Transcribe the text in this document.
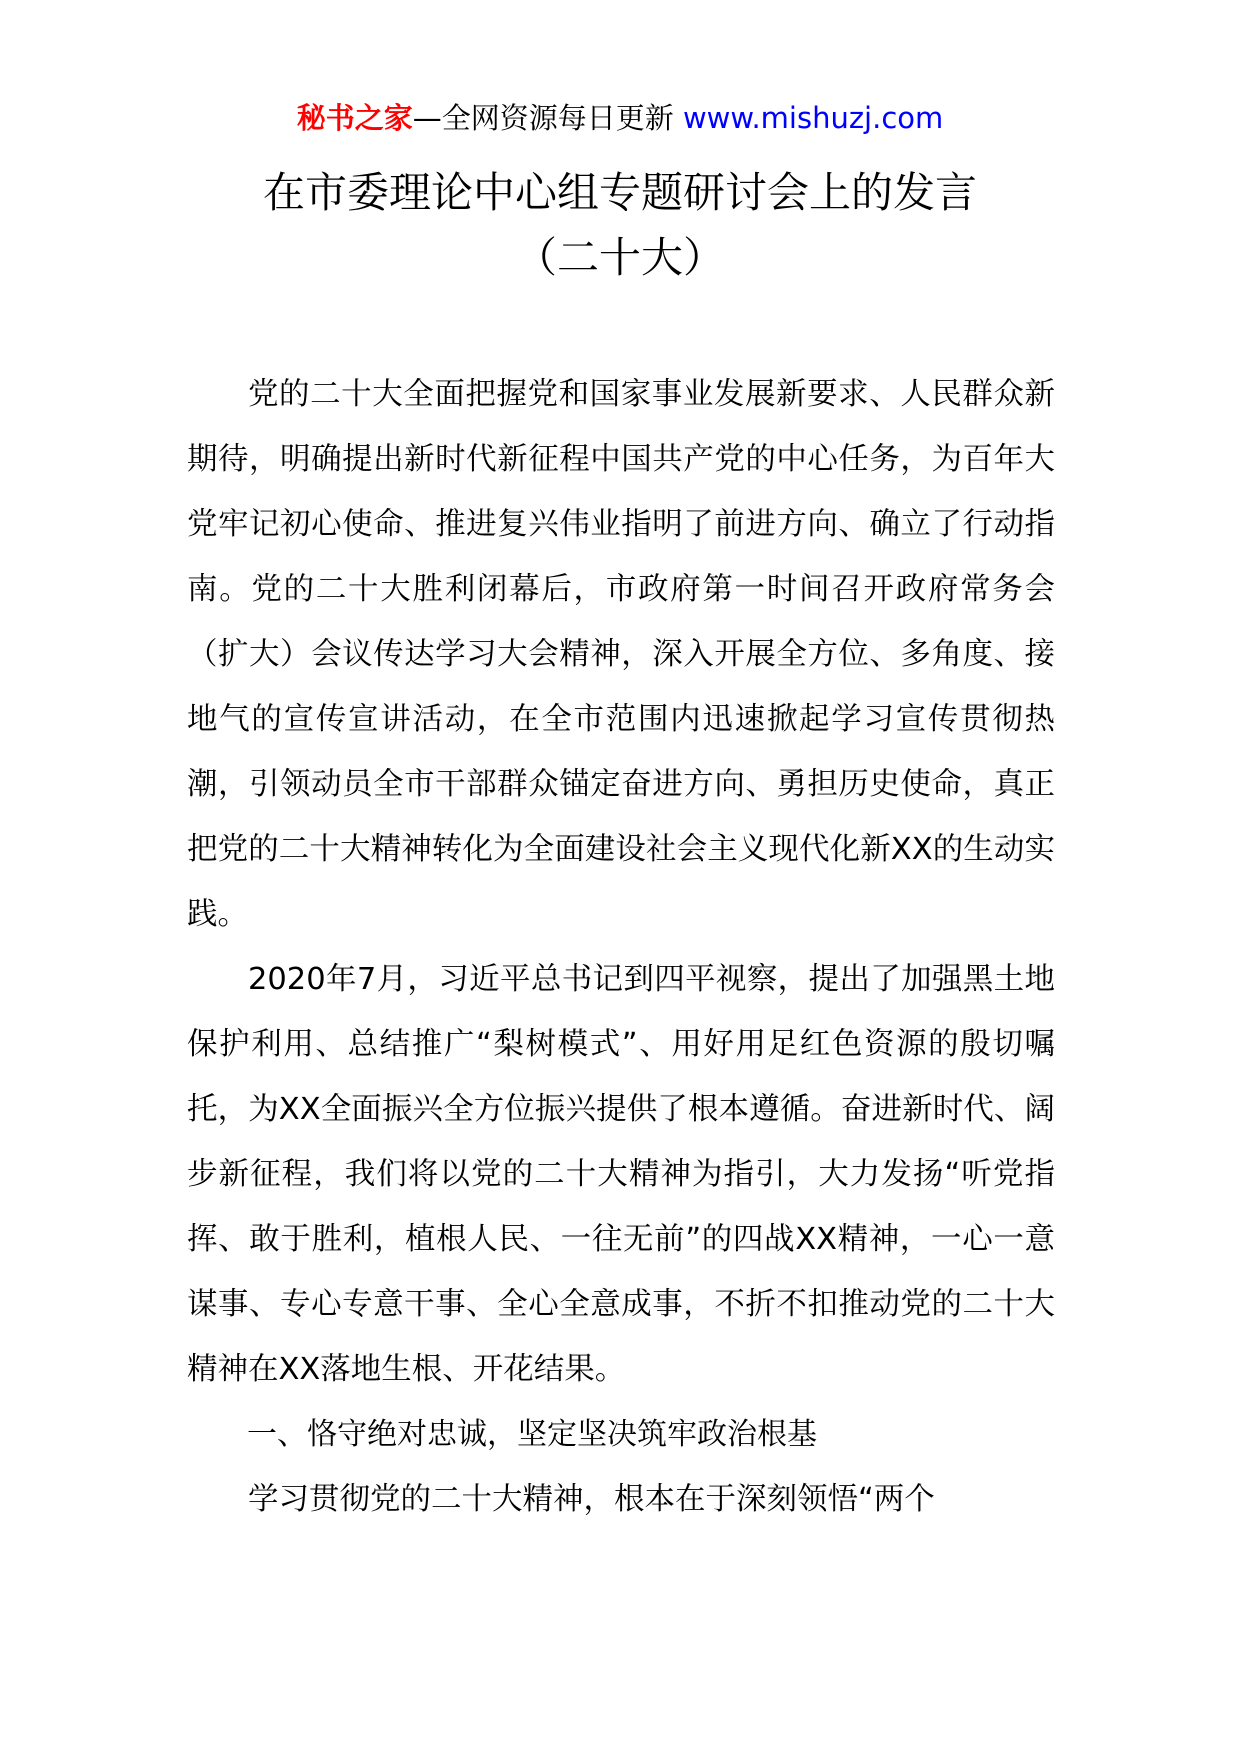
秘书之家—全网资源每日更新 www.mishuzj.com
在市委理论中心组专题研讨会上的发言
（二十大）

党的二十大全面把握党和国家事业发展新要求、人民群众新期待，明确提出新时代新征程中国共产党的中心任务，为百年大党牢记初心使命、推进复兴伟业指明了前进方向、确立了行动指南。党的二十大胜利闭幕后，市政府第一时间召开政府常务会（扩大）会议传达学习大会精神，深入开展全方位、多角度、接地气的宣传宣讲活动，在全市范围内迅速掀起学习宣传贯彻热潮，引领动员全市干部群众锚定奋进方向、勇担历史使命，真正把党的二十大精神转化为全面建设社会主义现代化新XX的生动实践。

2020年7月，习近平总书记到四平视察，提出了加强黑土地保护利用、总结推广“梨树模式”、用好用足红色资源的殷切嘱托，为XX全面振兴全方位振兴提供了根本遵循。奋进新时代、阔步新征程，我们将以党的二十大精神为指引，大力发扬“听党指挥、敢于胜利，植根人民、一往无前”的四战XX精神，一心一意谋事、专心专意干事、全心全意成事，不折不扣推动党的二十大精神在XX落地生根、开花结果。

一、恪守绝对忠诚，坚定坚决筑牢政治根基

学习贯彻党的二十大精神，根本在于深刻领悟“两个
